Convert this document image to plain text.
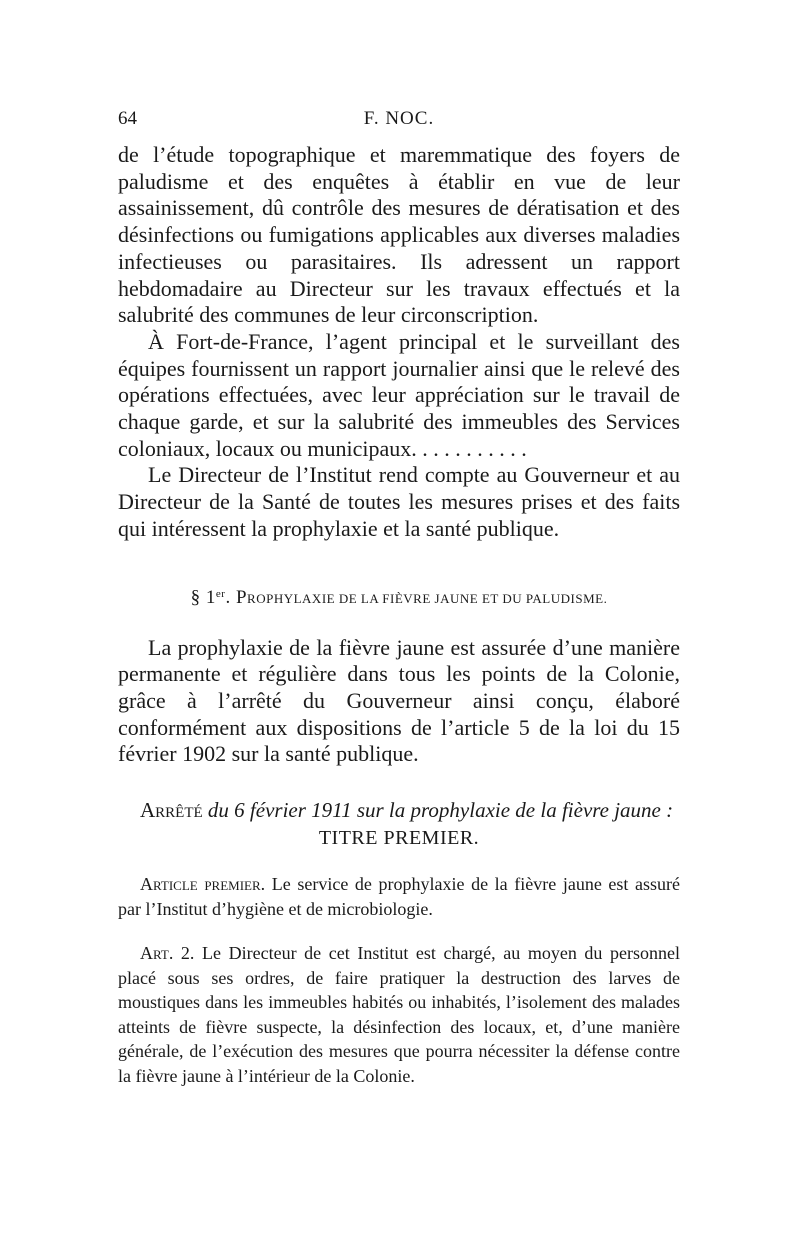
64	F. NOC.

de l’étude topographique et maremmatique des foyers de paludisme et des enquêtes à établir en vue de leur assainissement, dû contrôle des mesures de dératisation et des désinfections ou fumigations applicables aux diverses maladies infectieuses ou parasitaires. Ils adressent un rapport hebdomadaire au Directeur sur les travaux effectués et la salubrité des communes de leur circonscription.

À Fort-de-France, l’agent principal et le surveillant des équipes fournissent un rapport journalier ainsi que le relevé des opérations effectuées, avec leur appréciation sur le travail de chaque garde, et sur la salubrité des immeubles des Services coloniaux, locaux ou municipaux. . . . . . . . . . .

Le Directeur de l’Institut rend compte au Gouverneur et au Directeur de la Santé de toutes les mesures prises et des faits qui intéressent la prophylaxie et la santé publique.

§ 1er. PROPHYLAXIE DE LA FIÈVRE JAUNE ET DU PALUDISME.

La prophylaxie de la fièvre jaune est assurée d’une manière permanente et régulière dans tous les points de la Colonie, grâce à l’arrêté du Gouverneur ainsi conçu, élaboré conformément aux dispositions de l’article 5 de la loi du 15 février 1902 sur la santé publique.

Arrêté du 6 février 1911 sur la prophylaxie de la fièvre jaune :

TITRE PREMIER.

Article premier. Le service de prophylaxie de la fièvre jaune est assuré par l’Institut d’hygiène et de microbiologie.

Art. 2. Le Directeur de cet Institut est chargé, au moyen du personnel placé sous ses ordres, de faire pratiquer la destruction des larves de moustiques dans les immeubles habités ou inhabités, l’isolement des malades atteints de fièvre suspecte, la désinfection des locaux, et, d’une manière générale, de l’exécution des mesures que pourra nécessiter la défense contre la fièvre jaune à l’intérieur de la Colonie.
